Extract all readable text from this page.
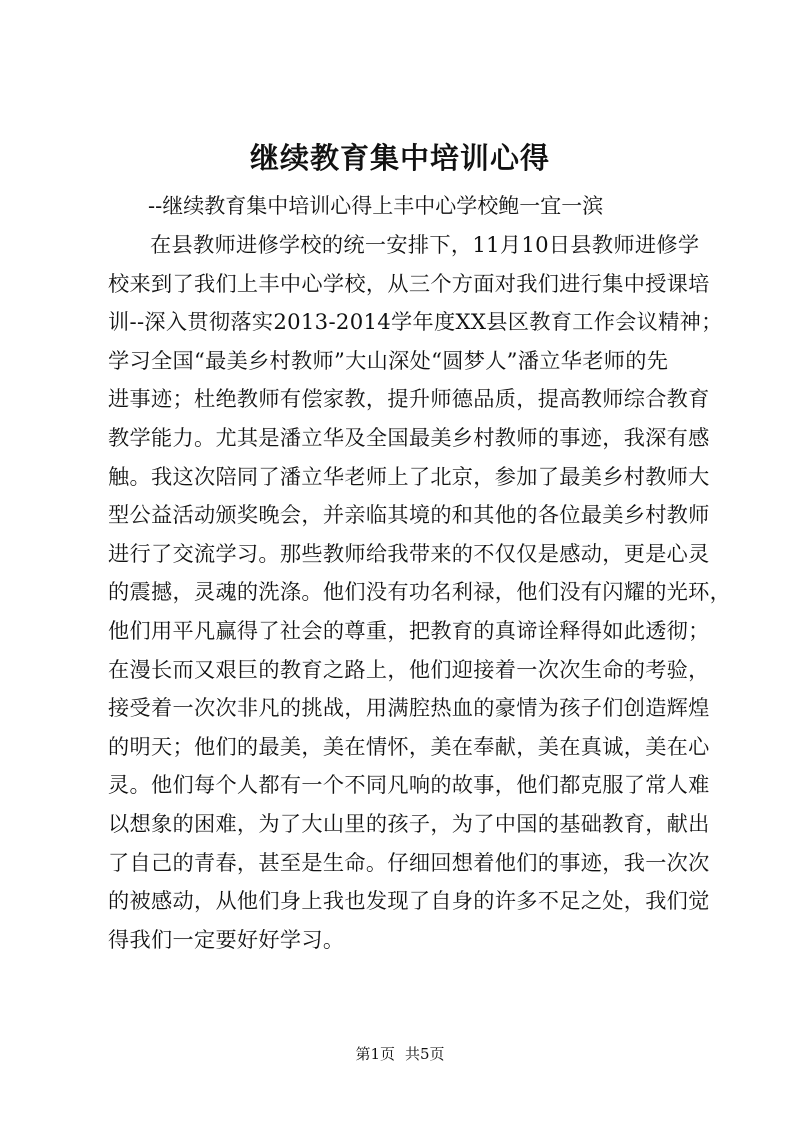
继续教育集中培训心得
--继续教育集中培训心得上丰中心学校鲍一宜一滨
在县教师进修学校的统一安排下，11月10日县教师进修学
校来到了我们上丰中心学校，从三个方面对我们进行集中授课培
训--深入贯彻落实2013-2014学年度XX县区教育工作会议精神；
学习全国“最美乡村教师”大山深处“圆梦人”潘立华老师的先
进事迹；杜绝教师有偿家教，提升师德品质，提高教师综合教育
教学能力。尤其是潘立华及全国最美乡村教师的事迹，我深有感
触。我这次陪同了潘立华老师上了北京，参加了最美乡村教师大
型公益活动颁奖晚会，并亲临其境的和其他的各位最美乡村教师
进行了交流学习。那些教师给我带来的不仅仅是感动，更是心灵
的震撼，灵魂的洗涤。他们没有功名利禄，他们没有闪耀的光环，
他们用平凡赢得了社会的尊重，把教育的真谛诠释得如此透彻；
在漫长而又艰巨的教育之路上，他们迎接着一次次生命的考验，
接受着一次次非凡的挑战，用满腔热血的豪情为孩子们创造辉煌
的明天；他们的最美，美在情怀，美在奉献，美在真诚，美在心
灵。他们每个人都有一个不同凡响的故事，他们都克服了常人难
以想象的困难，为了大山里的孩子，为了中国的基础教育，献出
了自己的青春，甚至是生命。仔细回想着他们的事迹，我一次次
的被感动，从他们身上我也发现了自身的许多不足之处，我们觉
得我们一定要好好学习。
第1页 共5页
